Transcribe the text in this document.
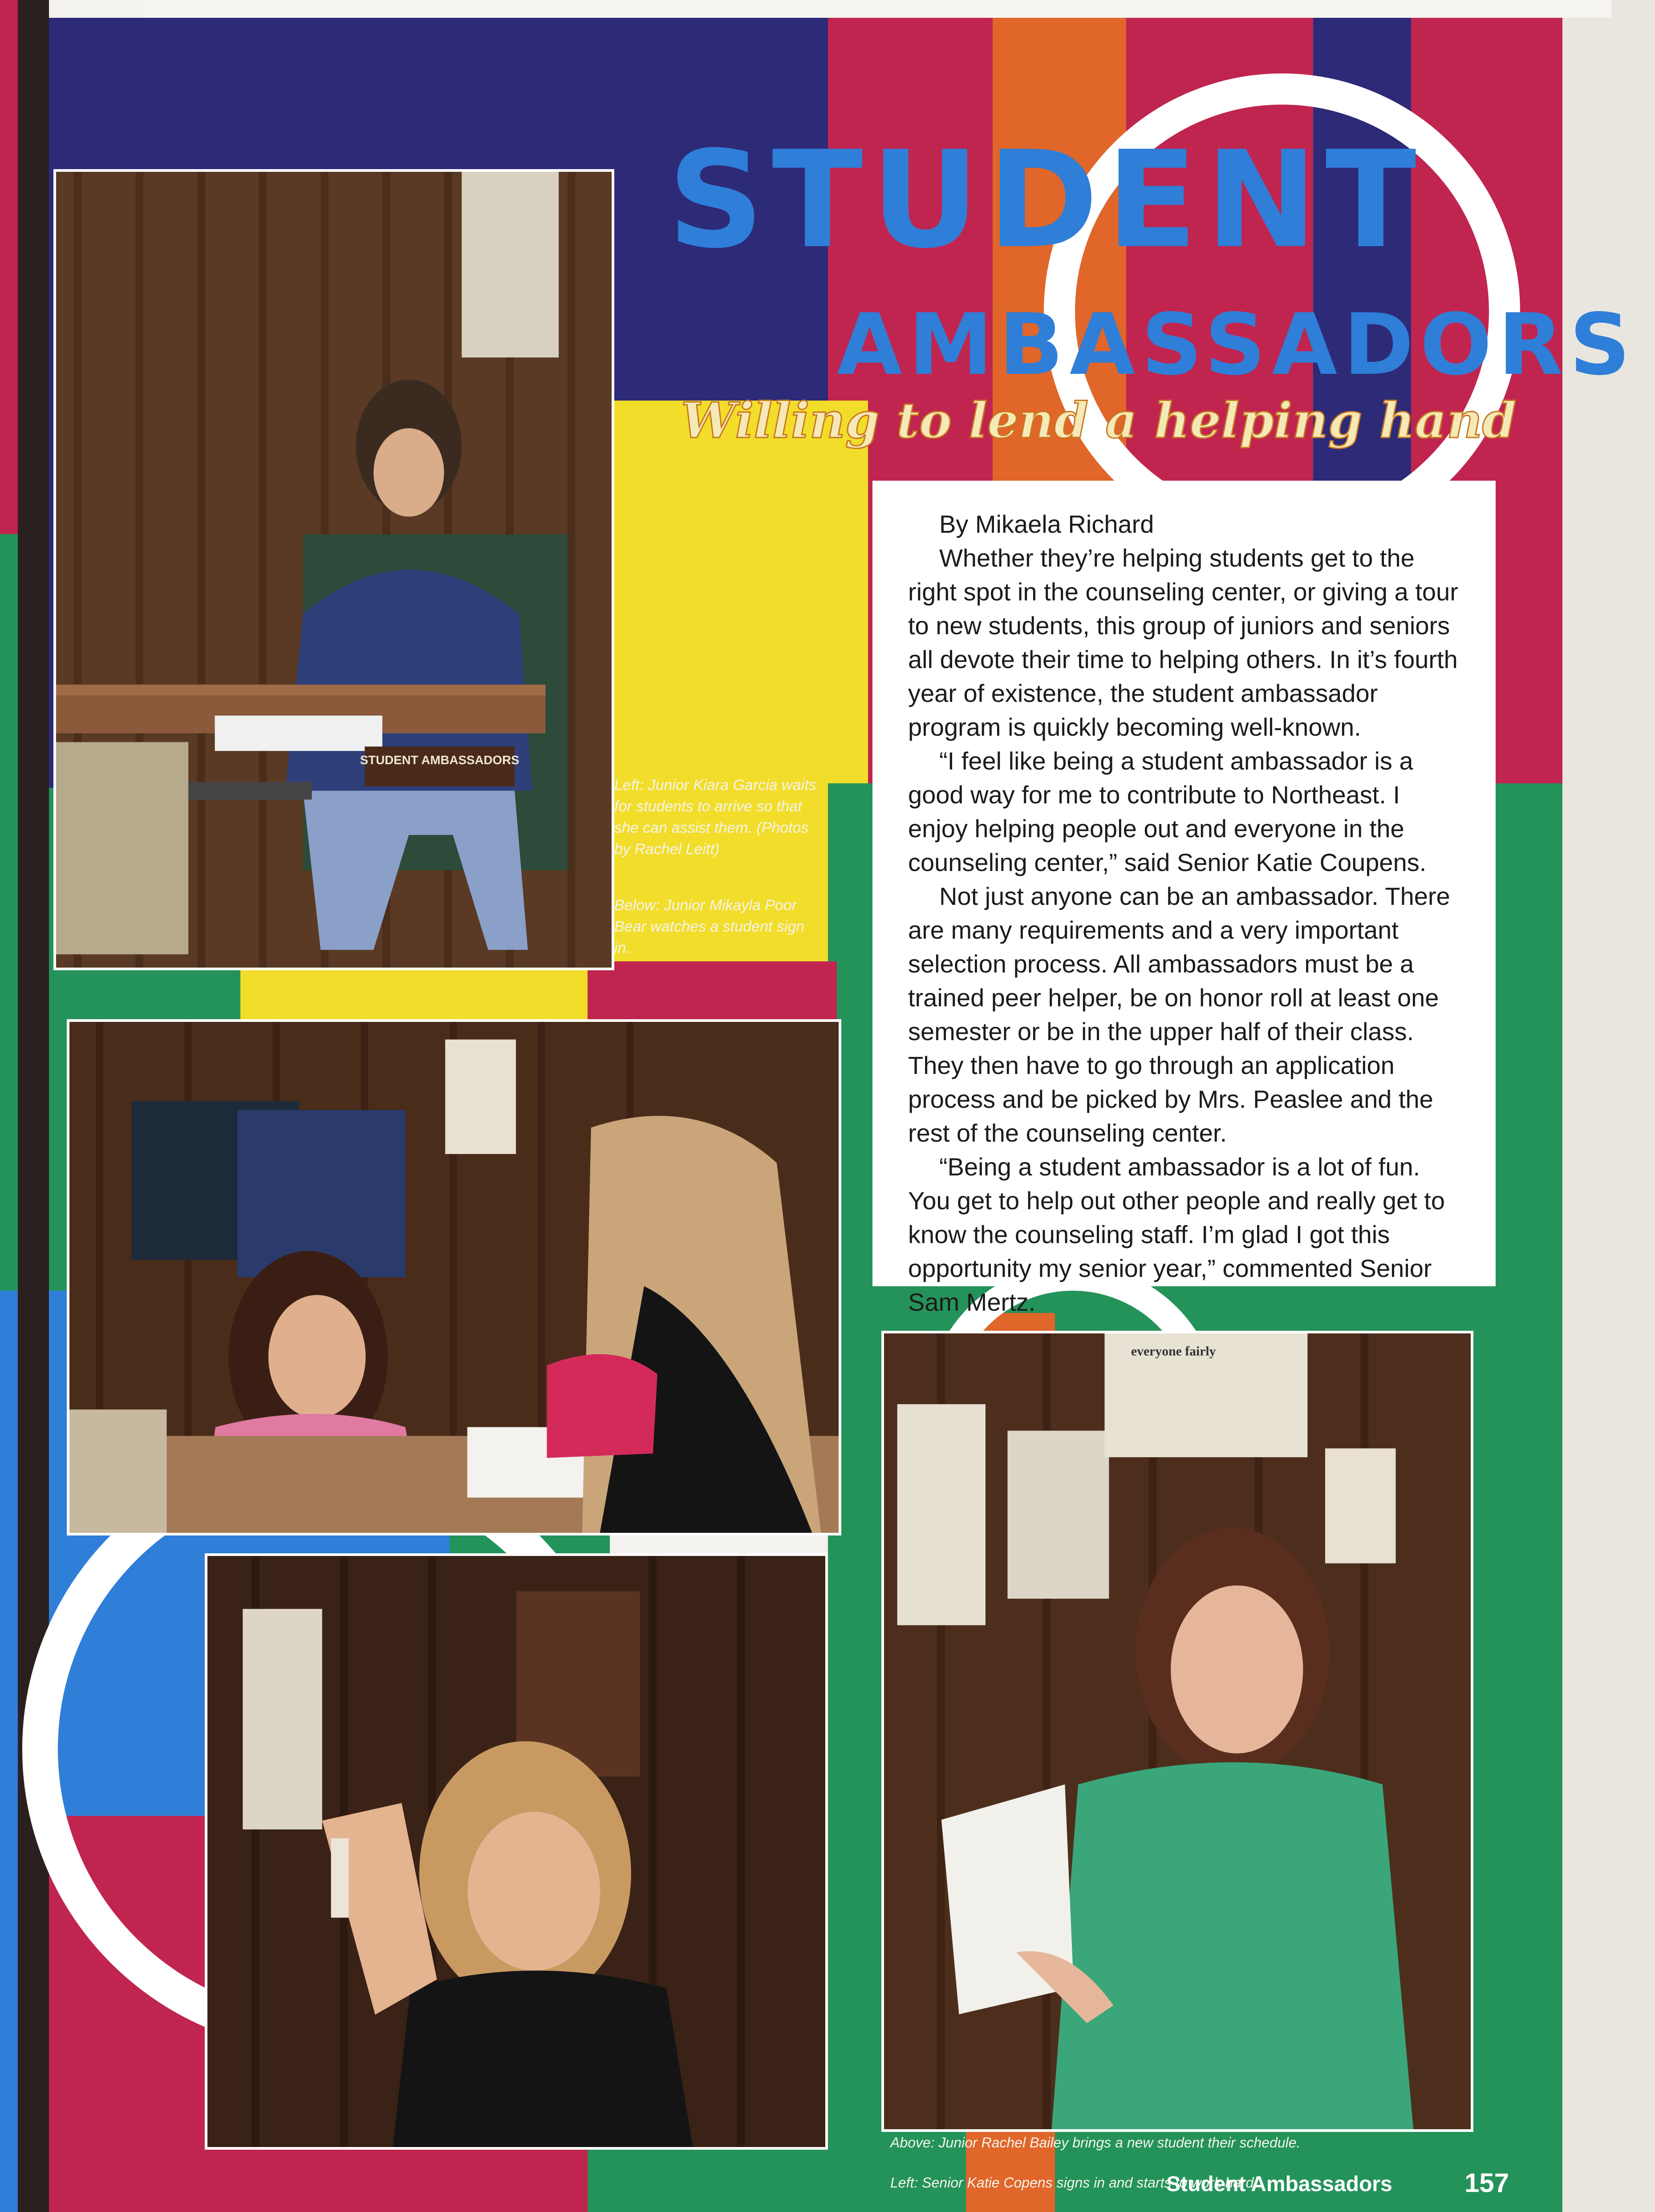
STUDENT
AMBASSADORS
Willing to lend a helping hand
STUDENT AMBASSADORS
Left: Junior Kiara Garcia waits for students to arrive so that she can assist them. (Photos by Rachel Leitt)
Below: Junior Mikayla Poor Bear watches a student sign in.
everyone fairly
Above: Junior Rachel Bailey brings a new student their schedule.
Left: Senior Katie Copens signs in and starts to work hard.

By Mikaela Richard

Whether they’re helping students get to the right spot in the counseling center, or giving a tour to new students, this group of juniors and seniors all devote their time to helping others. In it’s fourth year of existence, the student ambassador program is quickly becoming well-known.

“I feel like being a student ambassador is a good way for me to contribute to Northeast. I enjoy helping people out and everyone in the counseling center,” said Senior Katie Coupens.

Not just anyone can be an ambassador. There are many requirements and a very important selection process. All ambassadors must be a trained peer helper, be on honor roll at least one semester or be in the upper half of their class. They then have to go through an application process and be picked by Mrs. Peaslee and the rest of the counseling center.

“Being a student ambassador is a lot of fun. You get to help out other people and really get to know the counseling staff. I’m glad I got this opportunity my senior year,” commented Senior Sam Mertz.

Student Ambassadors	157
